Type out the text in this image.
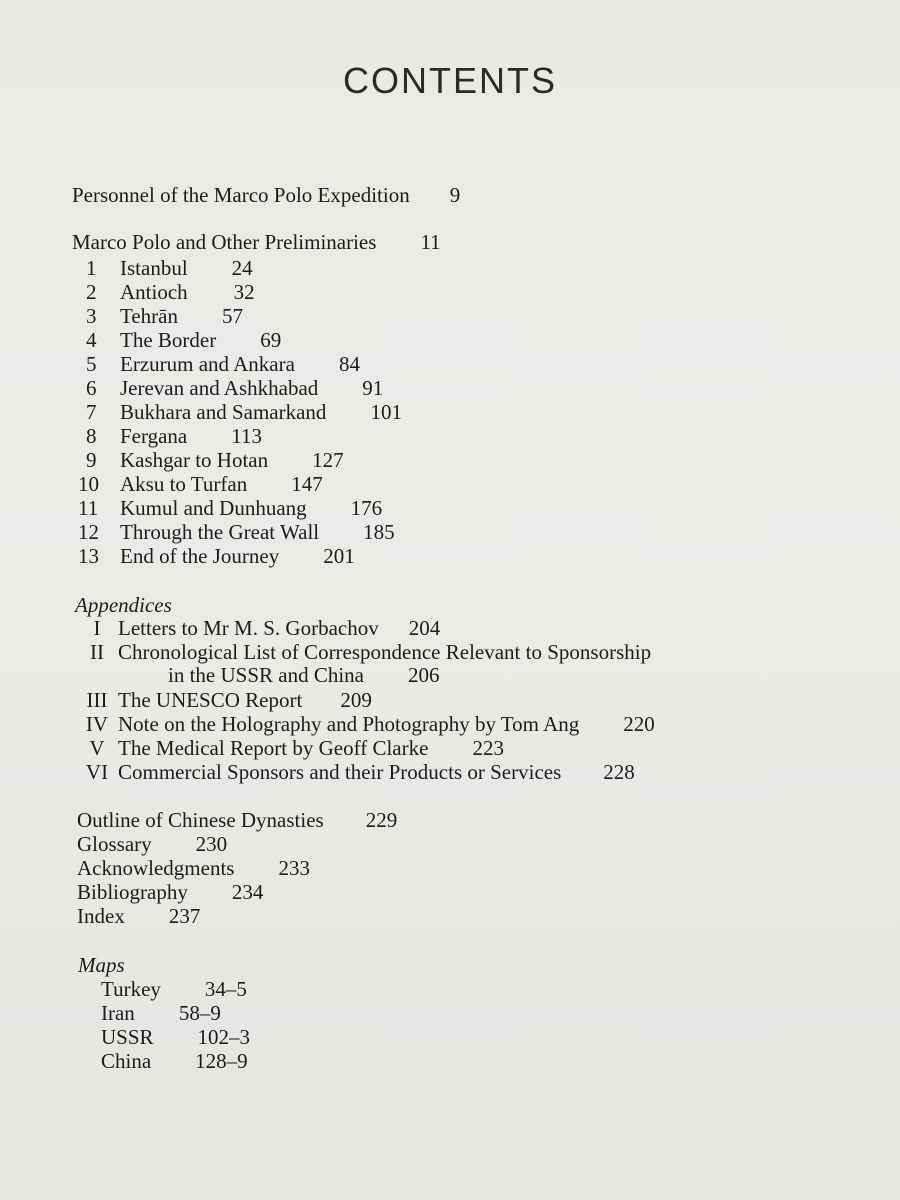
CONTENTS
Personnel of the Marco Polo Expedition 9
Marco Polo and Other Preliminaries 11
1 Istanbul 24
2 Antioch 32
3 Tehrān 57
4 The Border 69
5 Erzurum and Ankara 84
6 Jerevan and Ashkhabad 91
7 Bukhara and Samarkand 101
8 Fergana 113
9 Kashgar to Hotan 127
10 Aksu to Turfan 147
11 Kumul and Dunhuang 176
12 Through the Great Wall 185
13 End of the Journey 201
Appendices
I Letters to Mr M. S. Gorbachov 204
II Chronological List of Correspondence Relevant to Sponsorship
in the USSR and China 206
III The UNESCO Report 209
IV Note on the Holography and Photography by Tom Ang 220
V The Medical Report by Geoff Clarke 223
VI Commercial Sponsors and their Products or Services 228
Outline of Chinese Dynasties 229
Glossary 230
Acknowledgments 233
Bibliography 234
Index 237
Maps
Turkey 34–5
Iran 58–9
USSR 102–3
China 128–9
